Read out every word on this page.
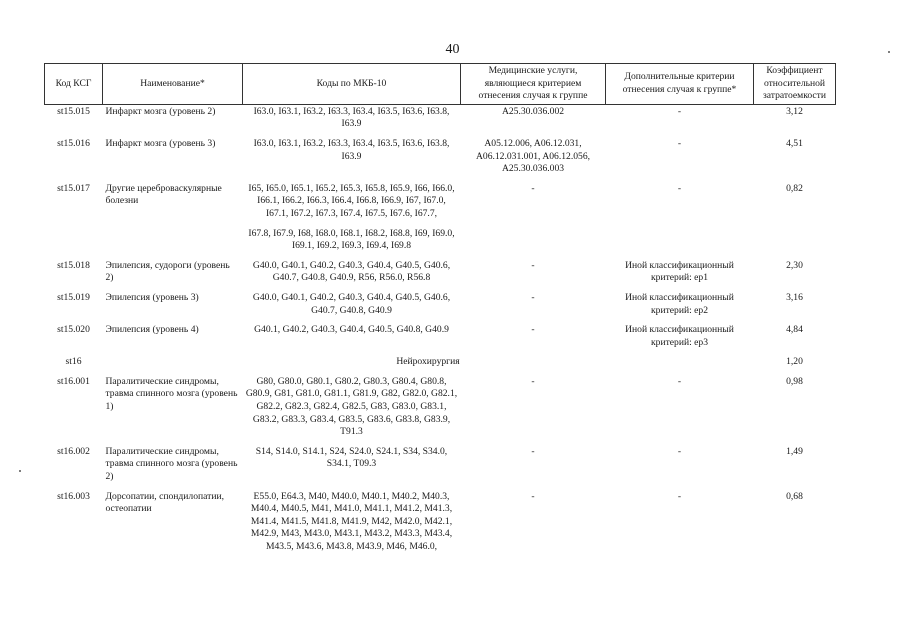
40
Код КСГ	Наименование*	Коды по МКБ-10	Медицинские услуги, являющиеся критерием отнесения случая к группе	Дополнительные критерии отнесения случая к группе*	Коэффициент относительной затратоемкости
st15.015	Инфаркт мозга (уровень 2)	I63.0, I63.1, I63.2, I63.3, I63.4, I63.5, I63.6, I63.8, I63.9	A25.30.036.002	-	3,12
st15.016	Инфаркт мозга (уровень 3)	I63.0, I63.1, I63.2, I63.3, I63.4, I63.5, I63.6, I63.8, I63.9	A05.12.006, A06.12.031, A06.12.031.001, A06.12.056, A25.30.036.003	-	4,51
st15.017	Другие цереброваскулярные болезни	I65, I65.0, I65.1, I65.2, I65.3, I65.8, I65.9, I66, I66.0, I66.1, I66.2, I66.3, I66.4, I66.8, I66.9, I67, I67.0, I67.1, I67.2, I67.3, I67.4, I67.5, I67.6, I67.7,	-	-	0,82
		I67.8, I67.9, I68, I68.0, I68.1, I68.2, I68.8, I69, I69.0, I69.1, I69.2, I69.3, I69.4, I69.8			
st15.018	Эпилепсия, судороги (уровень 2)	G40.0, G40.1, G40.2, G40.3, G40.4, G40.5, G40.6, G40.7, G40.8, G40.9, R56, R56.0, R56.8	-	Иной классификационный критерий: ep1	2,30
st15.019	Эпилепсия (уровень 3)	G40.0, G40.1, G40.2, G40.3, G40.4, G40.5, G40.6, G40.7, G40.8, G40.9	-	Иной классификационный критерий: ep2	3,16
st15.020	Эпилепсия (уровень 4)	G40.1, G40.2, G40.3, G40.4, G40.5, G40.8, G40.9	-	Иной классификационный критерий: ep3	4,84
st16	Нейрохирургия				1,20
st16.001	Паралитические синдромы, травма спинного мозга (уровень 1)	G80, G80.0, G80.1, G80.2, G80.3, G80.4, G80.8, G80.9, G81, G81.0, G81.1, G81.9, G82, G82.0, G82.1, G82.2, G82.3, G82.4, G82.5, G83, G83.0, G83.1, G83.2, G83.3, G83.4, G83.5, G83.6, G83.8, G83.9, T91.3	-	-	0,98
st16.002	Паралитические синдромы, травма спинного мозга (уровень 2)	S14, S14.0, S14.1, S24, S24.0, S24.1, S34, S34.0, S34.1, T09.3	-	-	1,49
st16.003	Дорсопатии, спондилопатии, остеопатии	E55.0, E64.3, M40, M40.0, M40.1, M40.2, M40.3, M40.4, M40.5, M41, M41.0, M41.1, M41.2, M41.3, M41.4, M41.5, M41.8, M41.9, M42, M42.0, M42.1, M42.9, M43, M43.0, M43.1, M43.2, M43.3, M43.4, M43.5, M43.6, M43.8, M43.9, M46, M46.0,	-	-	0,68
